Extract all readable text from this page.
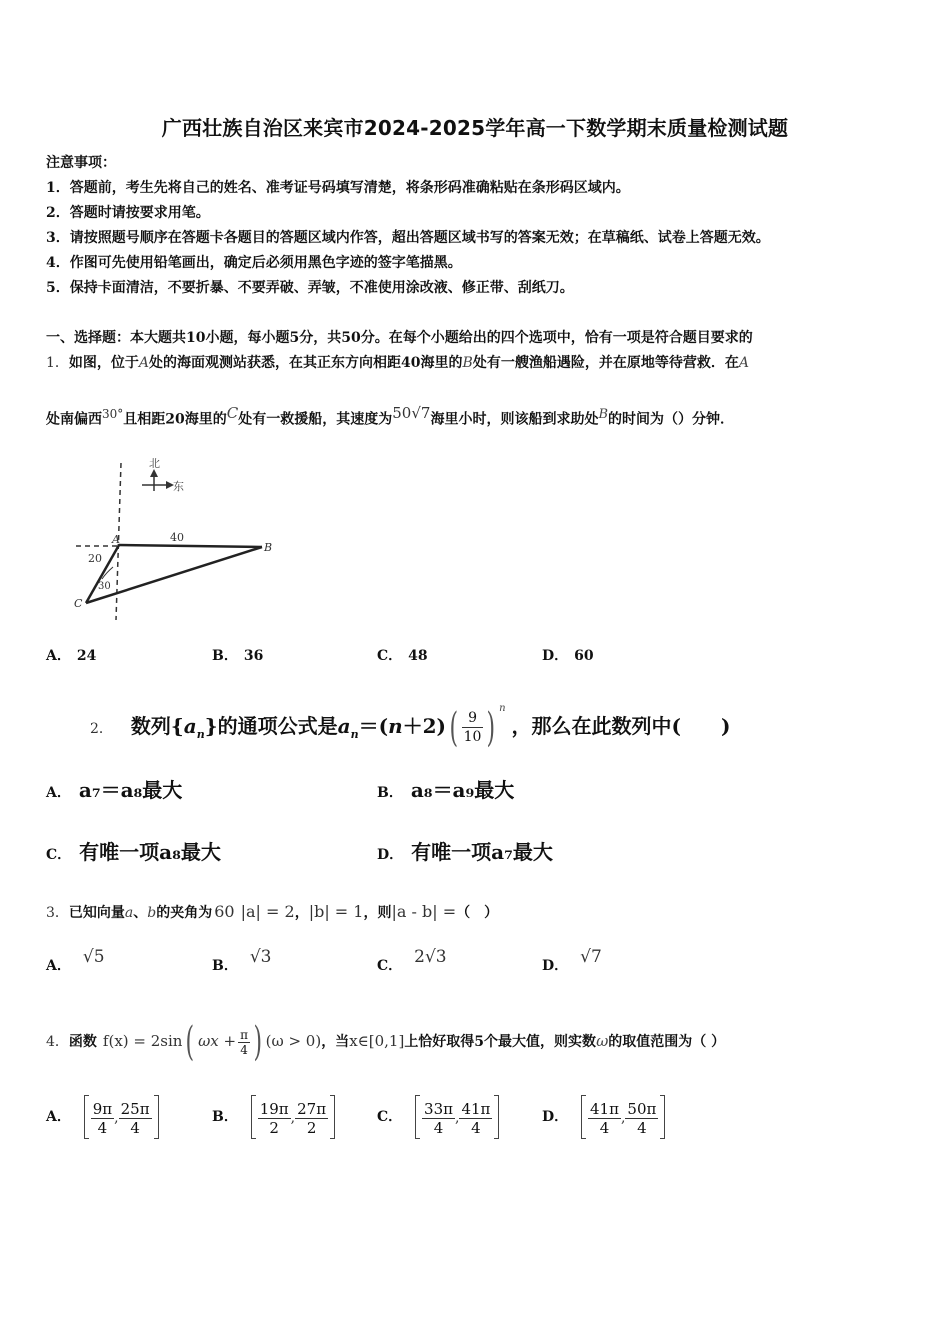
广西壮族自治区来宾市2024-2025学年高一下数学期末质量检测试题
注意事项：
1．答题前，考生先将自己的姓名、准考证号码填写清楚，将条形码准确粘贴在条形码区域内。
2．答题时请按要求用笔。
3．请按照题号顺序在答题卡各题目的答题区域内作答，超出答题区域书写的答案无效；在草稿纸、试卷上答题无效。
4．作图可先使用铅笔画出，确定后必须用黑色字迹的签字笔描黑。
5．保持卡面清洁，不要折暴、不要弄破、弄皱，不准使用涂改液、修正带、刮纸刀。
一、选择题：本大题共10小题，每小题5分，共50分。在每个小题给出的四个选项中，恰有一项是符合题目要求的
1．如图，位于A处的海面观测站获悉，在其正东方向相距40海里的B处有一艘渔船遇险，并在原地等待营救．在A
处南偏西$^{30^\circ}$且相距20海里的$^C$处有一救援船，其速度为$^{50√7}$海里小时，则该船到求助处$^B$的时间为（）分钟．
北
东
A
B
C
40
20
30
A． 24	B． 36	C． 48	D． 60
2． 数列$\{a_n\}$的通项公式是$a_n=(n+2)( \frac{9}{10}$ ) $^n$，那么在此数列中(　　)
A． a₇＝a₈最大	B． a₈＝a₉最大
C． 有唯一项a₈最大	D． 有唯一项a₇最大
3．已知向量a、b的夹角为 60 |a| = 2，|b| = 1，则|a - b| =（　）
A． √5	B． √3	C． 2√3	D． √7
4．函数 f(x) = 2sin( $\omega x + \frac{\pi}{4}$ ) (ω > 0)，当x∈[0,1]上恰好取得5个最大值，则实数ω的取值范围为（ ）
A． $\frac{9\pi}{4}$ , $\frac{25\pi}{4}$	B． $\frac{19\pi}{2}$ , $\frac{27\pi}{2}$	C． $\frac{33\pi}{4}$ , $\frac{41\pi}{4}$	D． $\frac{41\pi}{4}$ , $\frac{50\pi}{4}$
